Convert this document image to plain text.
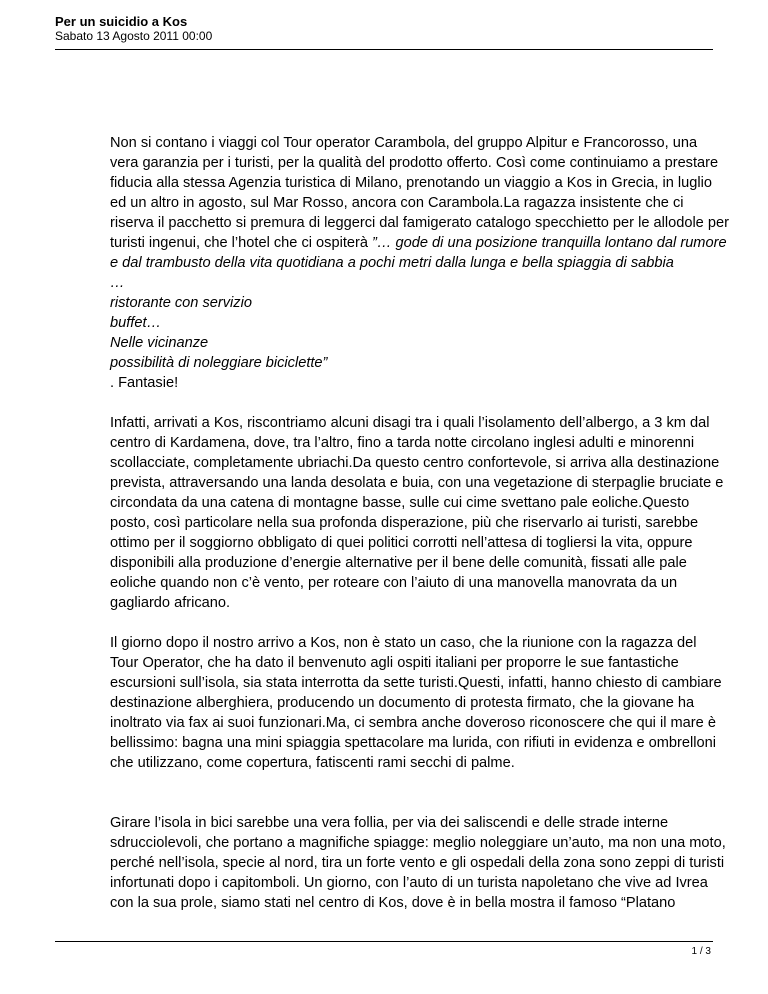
Per un suicidio a Kos

Sabato 13 Agosto 2011 00:00

Non si contano i viaggi col Tour operator Carambola, del gruppo Alpitur e Francorosso, una
vera garanzia per i turisti, per la qualità del prodotto offerto. Così come continuiamo a prestare
fiducia alla stessa Agenzia turistica di Milano, prenotando un viaggio a Kos in Grecia, in luglio
ed un altro in agosto, sul Mar Rosso, ancora con Carambola.La ragazza insistente che ci
riserva il pacchetto si premura di leggerci dal famigerato catalogo specchietto per le allodole per
turisti ingenui, che l’hotel che ci ospiterà ”… gode di una posizione tranquilla lontano dal rumore
e dal trambusto della vita quotidiana a pochi metri dalla lunga e bella spiaggia di sabbia
…
ristorante con servizio
buffet…
Nelle vicinanze
possibilità di noleggiare biciclette”
. Fantasie!
Infatti, arrivati a Kos, riscontriamo alcuni disagi tra i quali l’isolamento dell’albergo, a 3 km dal
centro di Kardamena, dove, tra l’altro, fino a tarda notte circolano inglesi adulti e minorenni
scollacciate, completamente ubriachi.Da questo centro confortevole, si arriva alla destinazione
prevista, attraversando una landa desolata e buia, con una vegetazione di sterpaglie bruciate e
circondata da una catena di montagne basse, sulle cui cime svettano pale eoliche.Questo
posto, così particolare nella sua profonda disperazione, più che riservarlo ai turisti, sarebbe
ottimo per il soggiorno obbligato di quei politici corrotti nell’attesa di togliersi la vita, oppure
disponibili alla produzione d’energie alternative per il bene delle comunità, fissati alle pale
eoliche quando non c’è vento, per roteare con l’aiuto di una manovella manovrata da un
gagliardo africano.
Il giorno dopo il nostro arrivo a Kos, non è stato un caso, che la riunione con la ragazza del
Tour Operator, che ha dato il benvenuto agli ospiti italiani per proporre le sue fantastiche
escursioni sull’isola, sia stata interrotta da sette turisti.Questi, infatti, hanno chiesto di cambiare
destinazione alberghiera, producendo un documento di protesta firmato, che la giovane ha
inoltrato via fax ai suoi funzionari.Ma, ci sembra anche doveroso riconoscere che qui il mare è
bellissimo: bagna una mini spiaggia spettacolare ma lurida, con rifiuti in evidenza e ombrelloni
che utilizzano, come copertura, fatiscenti rami secchi di palme.
Girare l’isola in bici sarebbe una vera follia, per via dei saliscendi e delle strade interne
sdrucciolevoli, che portano a magnifiche spiagge: meglio noleggiare un’auto, ma non una moto,
perché nell’isola, specie al nord, tira un forte vento e gli ospedali della zona sono zeppi di turisti
infortunati dopo i capitomboli. Un giorno, con l’auto di un turista napoletano che vive ad Ivrea
con la sua prole, siamo stati nel centro di Kos, dove è in bella mostra il famoso “Platano
1 / 3
